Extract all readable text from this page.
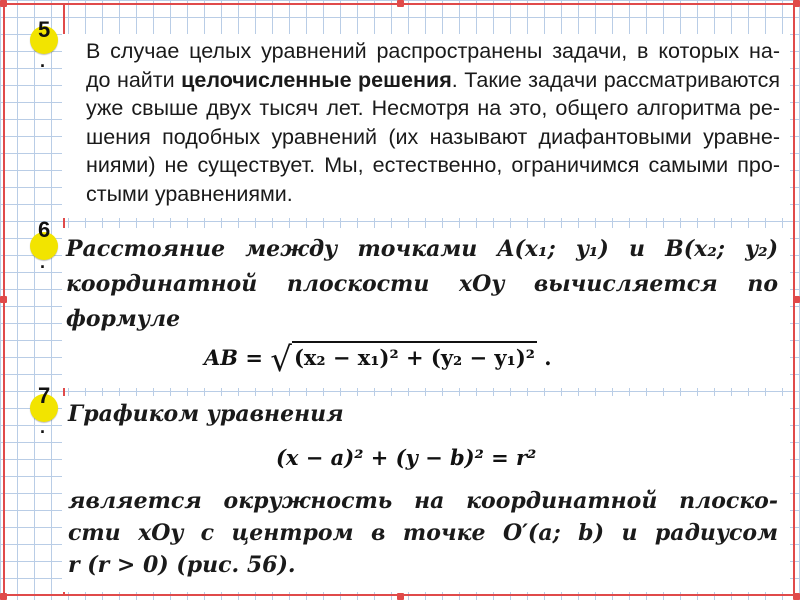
5
. В случае целых уравнений распространены задачи, в которых на-
до найти целочисленные решения. Такие задачи рассматриваются
уже свыше двух тысяч лет. Несмотря на это, общего алгоритма ре-
шения подобных уравнений (их называют диафантовыми уравне-
ниями) не существует. Мы, естественно, ограничимся самыми про-
стыми уравнениями.
6
. Расстояние между точками A(x₁; y₁) и B(x₂; y₂)
координатной плоскости xOy вычисляется по
формуле
AB = √(x₂ − x₁)² + (y₂ − y₁)² .
7
. Графиком уравнения
(x − a)² + (y − b)² = r²
является окружность на координатной плоско-
сти xOy с центром в точке O′(a; b) и радиусом
r (r > 0) (рис. 56).
